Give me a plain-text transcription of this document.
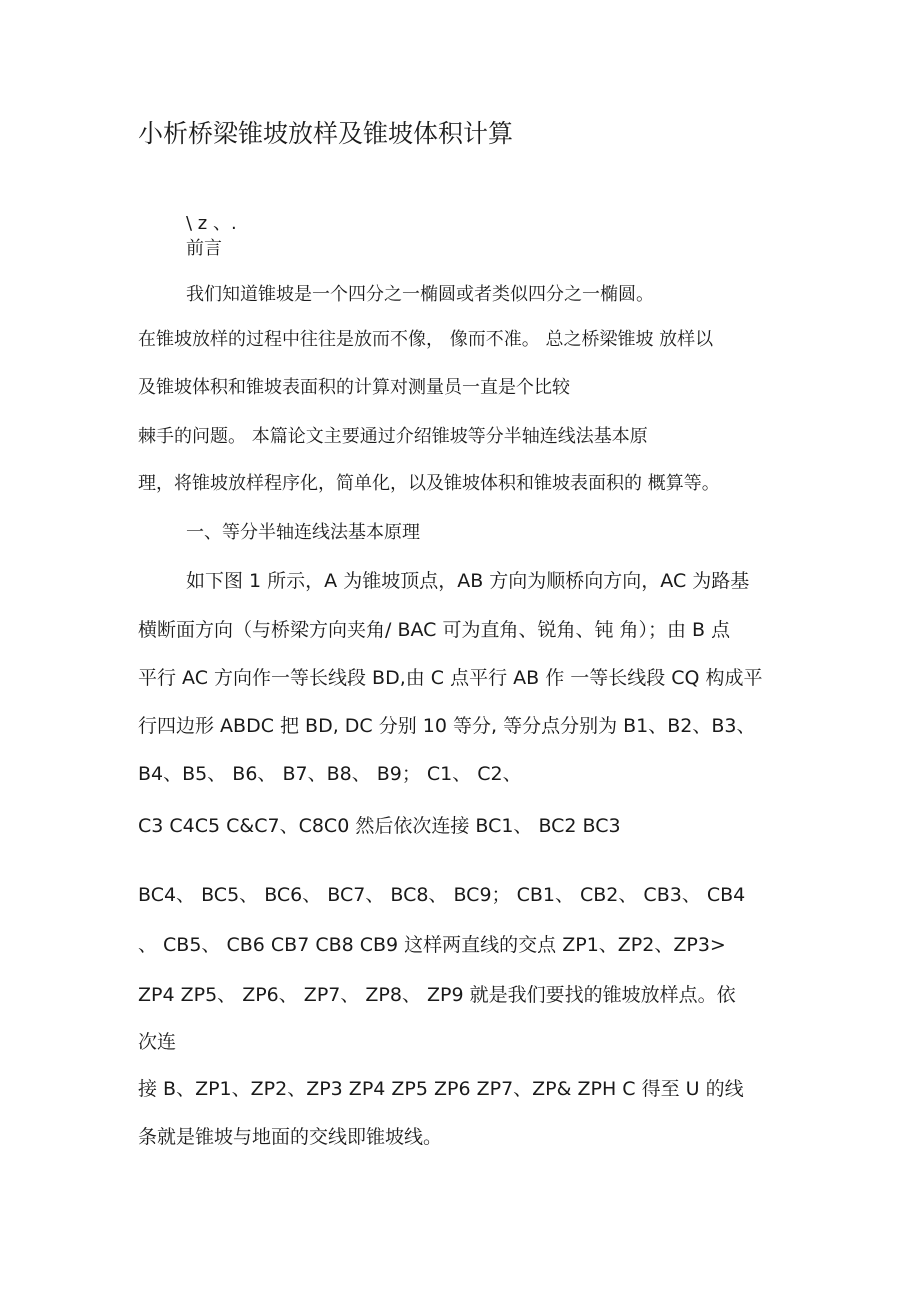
小析桥梁锥坡放样及锥坡体积计算

\ z 、.

前言

我们知道锥坡是一个四分之一椭圆或者类似四分之一椭圆。

在锥坡放样的过程中往往是放而不像， 像而不准。 总之桥梁锥坡 放样以

及锥坡体积和锥坡表面积的计算对测量员一直是个比较

棘手的问题。 本篇论文主要通过介绍锥坡等分半轴连线法基本原

理，将锥坡放样程序化，简单化，以及锥坡体积和锥坡表面积的 概算等。

一、等分半轴连线法基本原理

如下图 1 所示，A 为锥坡顶点，AB 方向为顺桥向方向，AC 为路基

横断面方向（与桥梁方向夹角/ BAC 可为直角、锐角、钝 角）；由 B 点

平行 AC 方向作一等长线段 BD,由 C 点平行 AB 作 一等长线段 CQ 构成平

行四边形 ABDC 把 BD, DC 分别 10 等分, 等分点分别为 B1、B2、B3、

B4、B5、 B6、 B7、B8、 B9； C1、 C2、

C3 C4C5 C&C7、C8C0 然后依次连接 BC1、 BC2 BC3

BC4、 BC5、 BC6、 BC7、 BC8、 BC9； CB1、 CB2、 CB3、 CB4

、 CB5、 CB6 CB7 CB8 CB9 这样两直线的交点 ZP1、ZP2、ZP3>

ZP4 ZP5、 ZP6、 ZP7、 ZP8、 ZP9 就是我们要找的锥坡放样点。依

次连

接 B、ZP1、ZP2、ZP3 ZP4 ZP5 ZP6 ZP7、ZP& ZPH C 得至 U 的线

条就是锥坡与地面的交线即锥坡线。
